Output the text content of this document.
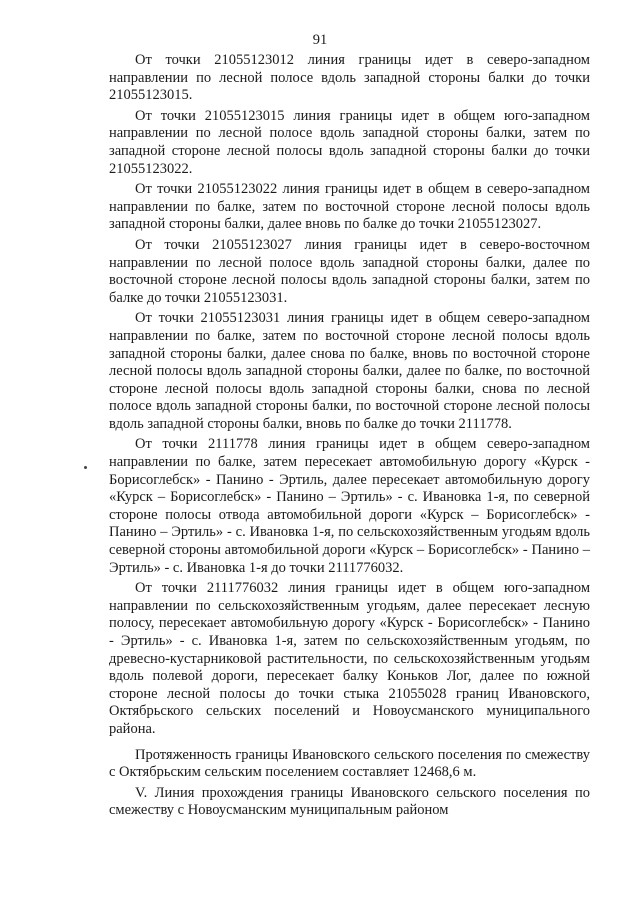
91

От точки 21055123012 линия границы идет в северо-западном направлении по лесной полосе вдоль западной стороны балки до точки 21055123015.

От точки 21055123015 линия границы идет в общем юго-западном направлении по лесной полосе вдоль западной стороны балки, затем по западной стороне лесной полосы вдоль западной стороны балки до точки 21055123022.

От точки 21055123022 линия границы идет в общем в северо-западном направлении по балке, затем по восточной стороне лесной полосы вдоль западной стороны балки, далее вновь по балке до точки 21055123027.

От точки 21055123027 линия границы идет в северо-восточном направлении по лесной полосе вдоль западной стороны балки, далее по восточной стороне лесной полосы вдоль западной стороны балки, затем по балке до точки 21055123031.

От точки 21055123031 линия границы идет в общем северо-западном направлении по балке, затем по восточной стороне лесной полосы вдоль западной стороны балки, далее снова по балке, вновь по восточной стороне лесной полосы вдоль западной стороны балки, далее по балке, по восточной стороне лесной полосы вдоль западной стороны балки, снова по лесной полосе вдоль западной стороны балки, по восточной стороне лесной полосы вдоль западной стороны балки, вновь по балке до точки 2111778.

От точки 2111778 линия границы идет в общем северо-западном направлении по балке, затем пересекает автомобильную дорогу «Курск - Борисоглебск» - Панино - Эртиль, далее пересекает автомобильную дорогу «Курск – Борисоглебск» - Панино – Эртиль» - с. Ивановка 1-я, по северной стороне полосы отвода автомобильной дороги «Курск – Борисоглебск» - Панино – Эртиль» - с. Ивановка 1-я, по сельскохозяйственным угодьям вдоль северной стороны автомобильной дороги «Курск – Борисоглебск» - Панино – Эртиль» - с. Ивановка 1-я до точки 2111776032.

От точки 2111776032 линия границы идет в общем юго-западном направлении по сельскохозяйственным угодьям, далее пересекает лесную полосу, пересекает автомобильную дорогу «Курск - Борисоглебск» - Панино - Эртиль» - с. Ивановка 1-я, затем по сельскохозяйственным угодьям, по древесно-кустарниковой растительности, по сельскохозяйственным угодьям вдоль полевой дороги, пересекает балку Коньков Лог, далее по южной стороне лесной полосы до точки стыка 21055028 границ Ивановского, Октябрьского сельских поселений и Новоусманского муниципального района.

Протяженность границы Ивановского сельского поселения по смежеству с Октябрьским сельским поселением составляет 12468,6 м.

V. Линия прохождения границы Ивановского сельского поселения по смежеству с Новоусманским муниципальным районом
